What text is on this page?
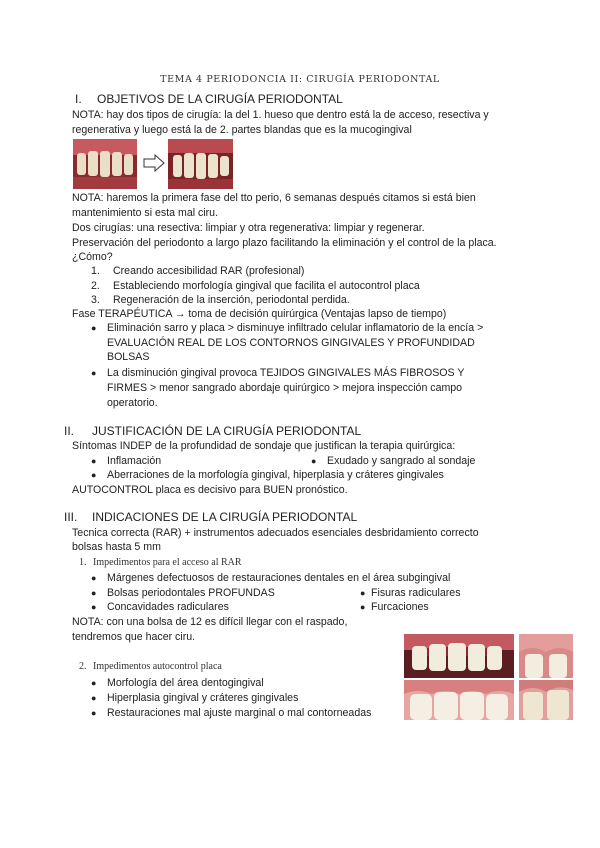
TEMA 4 PERIODONCIA II: CIRUGÍA PERIODONTAL
I. OBJETIVOS DE LA CIRUGÍA PERIODONTAL
NOTA: hay dos tipos de cirugía: la del 1. hueso que dentro está la de acceso, resectiva y
regenerativa y luego está la de 2. partes blandas que es la mucogingival
NOTA: haremos la primera fase del tto perio, 6 semanas después citamos si está bien
mantenimiento si esta mal ciru.
Dos cirugías: una resectiva: limpiar y otra regenerativa: limpiar y regenerar.
Preservación del periodonto a largo plazo facilitando la eliminación y el control de la placa.
¿Cómo?
1. Creando accesibilidad RAR (profesional)
2. Estableciendo morfología gingival que facilita el autocontrol placa
3. Regeneración de la inserción, periodontal perdida.
Fase TERAPÉUTICA → toma de decisión quirúrgica (Ventajas lapso de tiempo)
● Eliminación sarro y placa > disminuye infiltrado celular inflamatorio de la encía >
EVALUACIÓN REAL DE LOS CONTORNOS GINGIVALES Y PROFUNDIDAD
BOLSAS
● La disminución gingival provoca TEJIDOS GINGIVALES MÁS FIBROSOS Y
FIRMES > menor sangrado abordaje quirúrgico > mejora inspección campo
operatorio.
II. JUSTIFICACIÓN DE LA CIRUGÍA PERIODONTAL
Síntomas INDEP de la profundidad de sondaje que justifican la terapia quirúrgica:
● Inflamación	● Exudado y sangrado al sondaje
● Aberraciones de la morfología gingival, hiperplasia y cráteres gingivales
AUTOCONTROL placa es decisivo para BUEN pronóstico.
III. INDICACIONES DE LA CIRUGÍA PERIODONTAL
Tecnica correcta (RAR) + instrumentos adecuados esenciales desbridamiento correcto
bolsas hasta 5 mm
1. Impedimentos para el acceso al RAR
● Márgenes defectuosos de restauraciones dentales en el área subgingival
● Bolsas periodontales PROFUNDAS	● Fisuras radiculares
● Concavidades radiculares	● Furcaciones
NOTA: con una bolsa de 12 es difícil llegar con el raspado,
tendremos que hacer ciru.
2. Impedimentos autocontrol placa
● Morfología del área dentogingival
● Hiperplasia gingival y cráteres gingivales
● Restauraciones mal ajuste marginal o mal contorneadas
